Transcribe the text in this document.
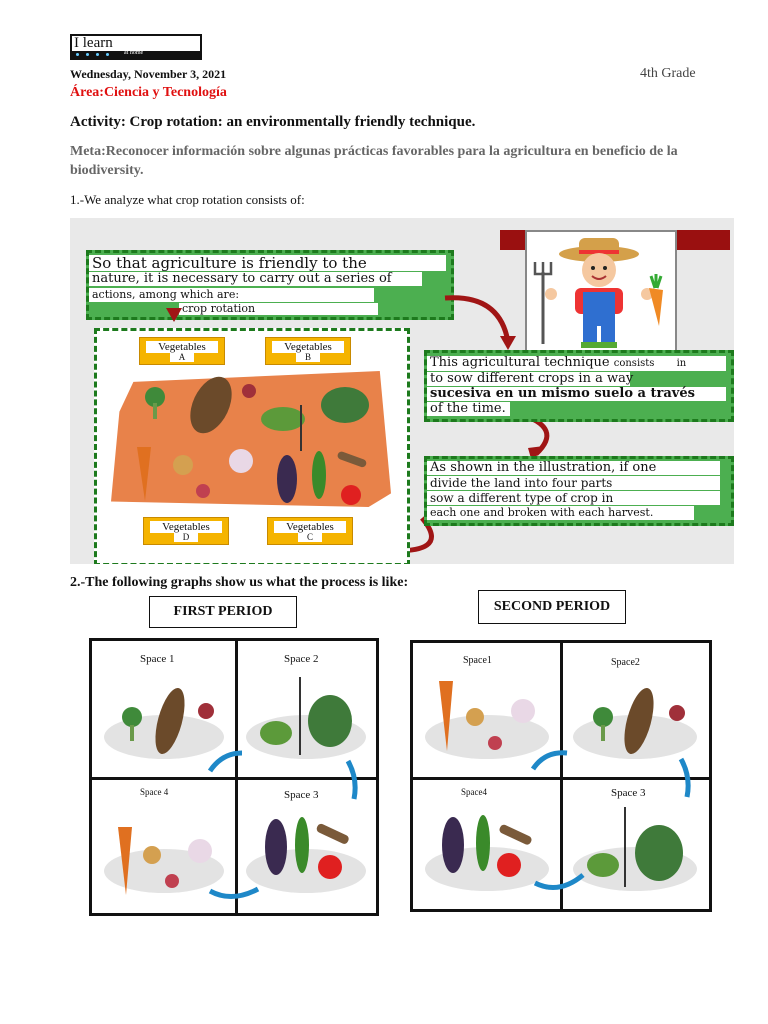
I learn
at home
Wednesday, November 3, 2021	4th Grade
Área:Ciencia y Tecnología
Activity: Crop rotation: an environmentally friendly technique.
Meta:Reconocer información sobre algunas prácticas favorables para la agricultura en beneficio de la biodiversity.
1.-We analyze what crop rotation consists of:
So that agriculture is friendly to the
nature, it is necessary to carry out a series of
actions, among which are:
crop rotation
This agricultural technique consists in
to sow different crops in a way
sucesiva en un mismo suelo a través
of the time.
As shown in the illustration, if one
divide the land into four parts
sow a different type of crop in
each one and broken with each harvest.
Vegetables
A
Vegetables
B
Vegetables
D
Vegetables
C
2.-The following graphs show us what the process is like:
FIRST PERIOD
Space 1	Space 2
Space 4	Space 3
SECOND PERIOD
Space1	Space2
Space4	Space 3
